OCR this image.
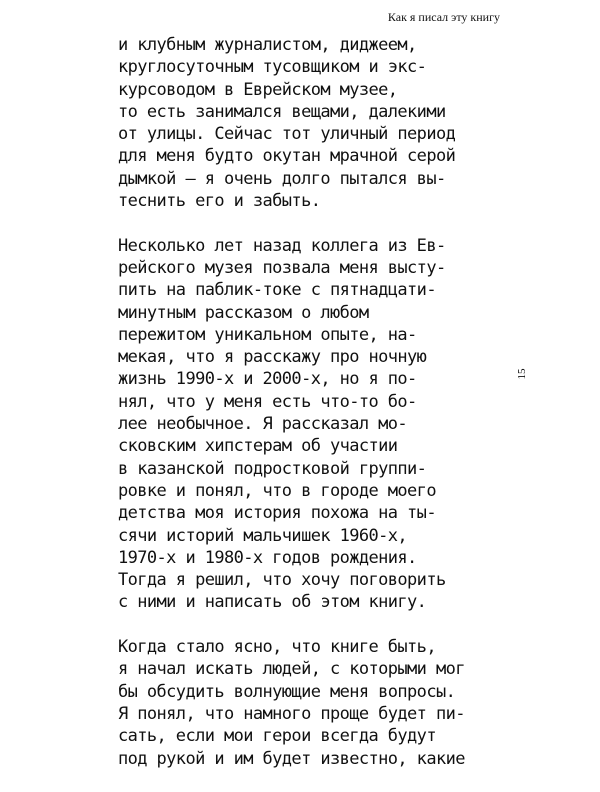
Как я писал эту книгу
15

и клубным журналистом, диджеем,
круглосуточным тусовщиком и экс-
курсоводом в Еврейском музее,
то есть занимался вещами, далекими
от улицы. Сейчас тот уличный период
для меня будто окутан мрачной серой
дымкой — я очень долго пытался вы-
теснить его и забыть.

Несколько лет назад коллега из Ев-
рейского музея позвала меня высту-
пить на паблик-токе с пятнадцати-
минутным рассказом о любом
пережитом уникальном опыте, на-
мекая, что я расскажу про ночную
жизнь 1990-х и 2000-х, но я по-
нял, что у меня есть что-то бо-
лее необычное. Я рассказал мо-
сковским хипстерам об участии
в казанской подростковой группи-
ровке и понял, что в городе моего
детства моя история похожа на ты-
сячи историй мальчишек 1960-х,
1970-х и 1980-х годов рождения.
Тогда я решил, что хочу поговорить
с ними и написать об этом книгу.

Когда стало ясно, что книге быть,
я начал искать людей, с которыми мог
бы обсудить волнующие меня вопросы.
Я понял, что намного проще будет пи-
сать, если мои герои всегда будут
под рукой и им будет известно, какие
